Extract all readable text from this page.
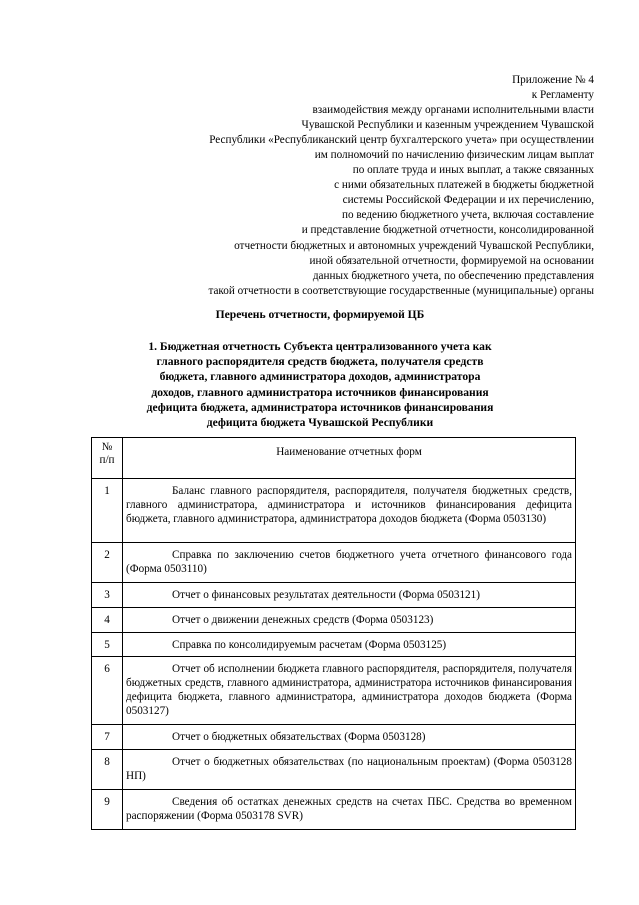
Приложение № 4
к Регламенту
взаимодействия между органами исполнительными власти
Чувашской Республики и казенным учреждением Чувашской
Республики «Республиканский центр бухгалтерского учета» при осуществлении
им полномочий по начислению физическим лицам выплат
по оплате труда и иных выплат, а также связанных
с ними обязательных платежей в бюджеты бюджетной
системы Российской Федерации и их перечислению,
по ведению бюджетного учета, включая составление
и представление бюджетной отчетности, консолидированной
отчетности бюджетных и автономных учреждений Чувашской Республики,
иной обязательной отчетности, формируемой на основании
данных бюджетного учета, по обеспечению представления
такой отчетности в соответствующие государственные (муниципальные) органы
Перечень отчетности, формируемой ЦБ
1. Бюджетная отчетность Субъекта централизованного учета как
главного распорядителя средств бюджета, получателя средств
бюджета, главного администратора доходов, администратора
доходов, главного администратора источников финансирования
дефицита бюджета, администратора источников финансирования
дефицита бюджета Чувашской Республики
№
п/п	Наименование отчетных форм
1	Баланс главного распорядителя, распорядителя, получателя бюджетных средств, главного администратора, администратора и источников финансирования дефицита бюджета, главного администратора, администратора доходов бюджета (Форма 0503130)
2	Справка по заключению счетов бюджетного учета отчетного финансового года (Форма 0503110)
3	Отчет о финансовых результатах деятельности (Форма 0503121)
4	Отчет о движении денежных средств (Форма 0503123)
5	Справка по консолидируемым расчетам (Форма 0503125)
6	Отчет об исполнении бюджета главного распорядителя, распорядителя, получателя бюджетных средств, главного администратора, администратора источников финансирования дефицита бюджета, главного администратора, администратора доходов бюджета (Форма 0503127)
7	Отчет о бюджетных обязательствах (Форма 0503128)
8	Отчет о бюджетных обязательствах (по национальным проектам) (Форма 0503128 НП)
9	Сведения об остатках денежных средств на счетах ПБС. Средства во временном распоряжении (Форма 0503178 SVR)
